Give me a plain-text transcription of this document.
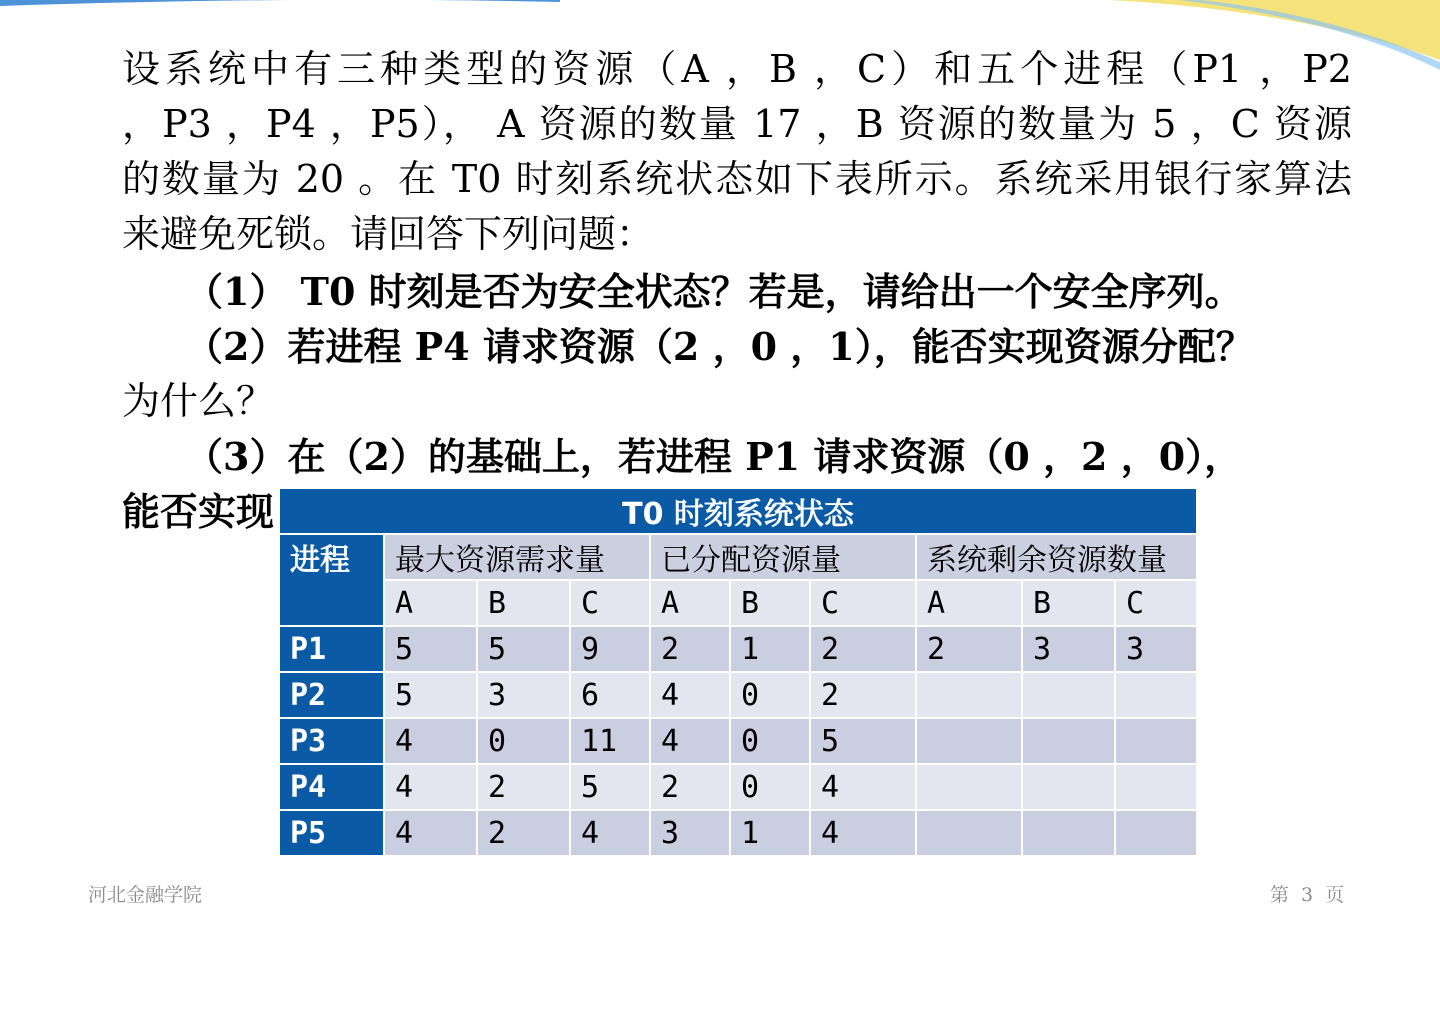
设系统中有三种类型的资源（A ，B ，C）和五个进程（P1 ，P2

，P3 ，P4 ，P5）， A 资源的数量 17 ，B 资源的数量为 5 ，C 资源

的数量为 20 。在 T0 时刻系统状态如下表所示。系统采用银行家算法

来避免死锁。请回答下列问题：

（1） T0 时刻是否为安全状态？若是，请给出一个安全序列。

（2）若进程 P4 请求资源（2 ，0 ，1），能否实现资源分配？

为什么？

（3）在（2）的基础上，若进程 P1 请求资源（0 ，2 ，0），

能否实现	T0 时刻系统状态									
进程	最大资源需求量			已分配资源量			系统剩余资源数量		
	A	B	C	A	B	C	A	B	C
P1	5	5	9	2	1	2	2	3	3
P2	5	3	6	4	0	2			
P3	4	0	11	4	0	5			
P4	4	2	5	2	0	4			
P5	4	2	4	3	1	4			
河北金融学院	第 3 页
